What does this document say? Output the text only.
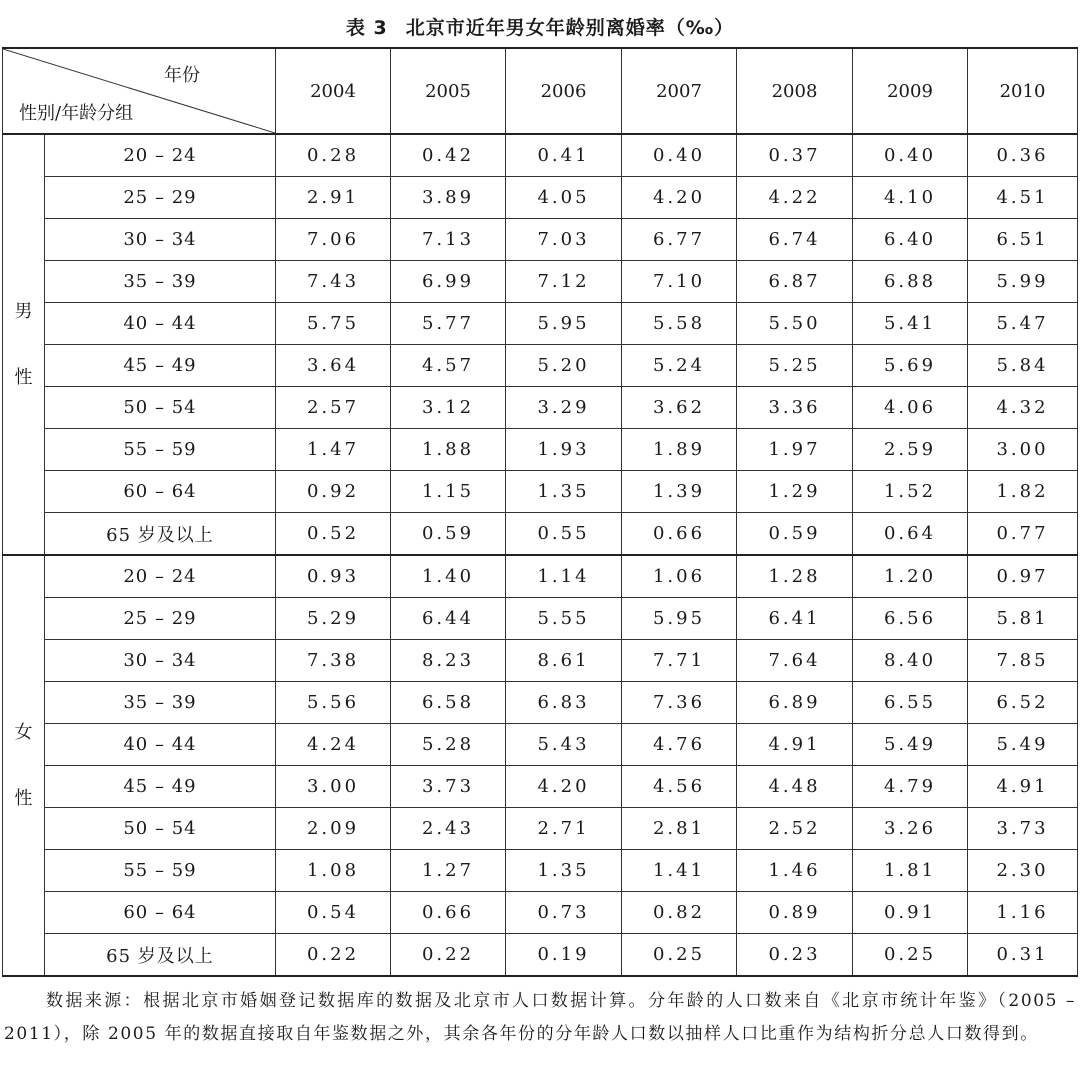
表 3 北京市近年男女年龄别离婚率（‰）
年份
性别/年龄分组		2004	2005	2006	2007	2008	2009	2010

男
性	20 – 24	0.28	0.42	0.41	0.40	0.37	0.40	0.36
	25 – 29	2.91	3.89	4.05	4.20	4.22	4.10	4.51
	30 – 34	7.06	7.13	7.03	6.77	6.74	6.40	6.51
	35 – 39	7.43	6.99	7.12	7.10	6.87	6.88	5.99
	40 – 44	5.75	5.77	5.95	5.58	5.50	5.41	5.47
	45 – 49	3.64	4.57	5.20	5.24	5.25	5.69	5.84
	50 – 54	2.57	3.12	3.29	3.62	3.36	4.06	4.32
	55 – 59	1.47	1.88	1.93	1.89	1.97	2.59	3.00
	60 – 64	0.92	1.15	1.35	1.39	1.29	1.52	1.82
	65 岁及以上	0.52	0.59	0.55	0.66	0.59	0.64	0.77

女
性	20 – 24	0.93	1.40	1.14	1.06	1.28	1.20	0.97
	25 – 29	5.29	6.44	5.55	5.95	6.41	6.56	5.81
	30 – 34	7.38	8.23	8.61	7.71	7.64	8.40	7.85
	35 – 39	5.56	6.58	6.83	7.36	6.89	6.55	6.52
	40 – 44	4.24	5.28	5.43	4.76	4.91	5.49	5.49
	45 – 49	3.00	3.73	4.20	4.56	4.48	4.79	4.91
	50 – 54	2.09	2.43	2.71	2.81	2.52	3.26	3.73
	55 – 59	1.08	1.27	1.35	1.41	1.46	1.81	2.30
	60 – 64	0.54	0.66	0.73	0.82	0.89	0.91	1.16
	65 岁及以上	0.22	0.22	0.19	0.25	0.23	0.25	0.31
数据来源：根据北京市婚姻登记数据库的数据及北京市人口数据计算。分年龄的人口数来自《北京市统计年鉴》（2005 – 2011），除 2005 年的数据直接取自年鉴数据之外，其余各年份的分年龄人口数以抽样人口比重作为结构折分总人口数得到。
